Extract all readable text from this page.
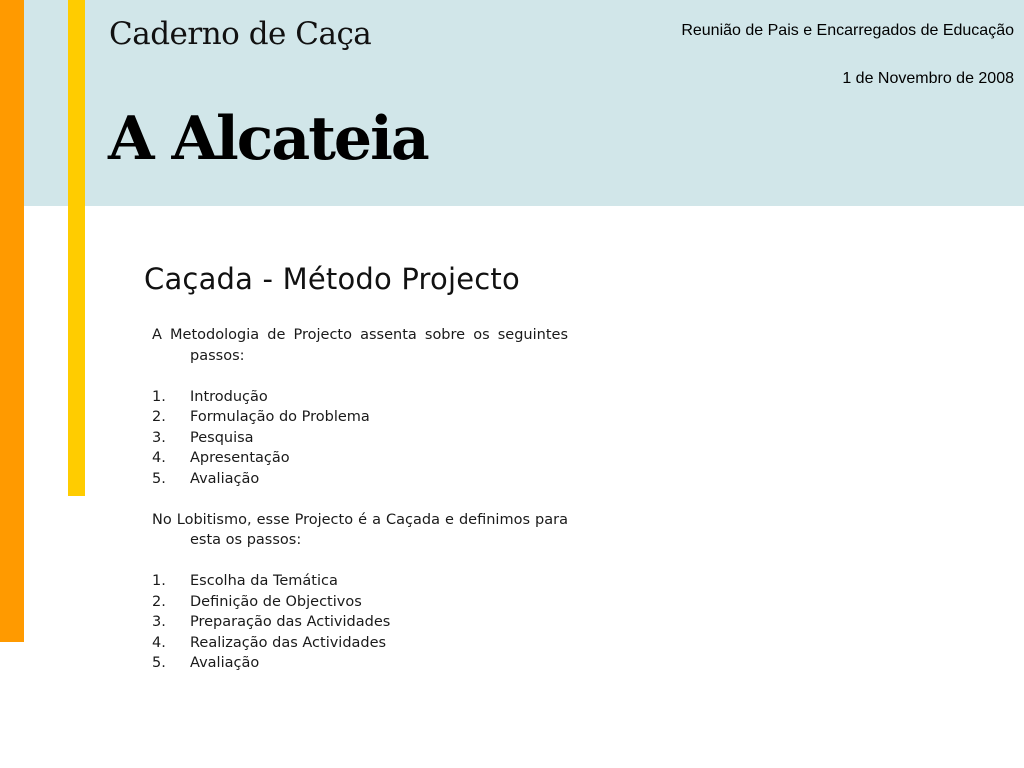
Caderno de Caça
A Alcateia
Reunião de Pais e Encarregados de Educação
1 de Novembro de 2008
Caçada - Método Projecto

A Metodologia de Projecto assenta sobre os seguintes passos:

1.	Introdução
2.	Formulação do Problema
3.	Pesquisa
4.	Apresentação
5.	Avaliação

No Lobitismo, esse Projecto é a Caçada e definimos para esta os passos:

1.	Escolha da Temática
2.	Definição de Objectivos
3.	Preparação das Actividades
4.	Realização das Actividades
5.	Avaliação
